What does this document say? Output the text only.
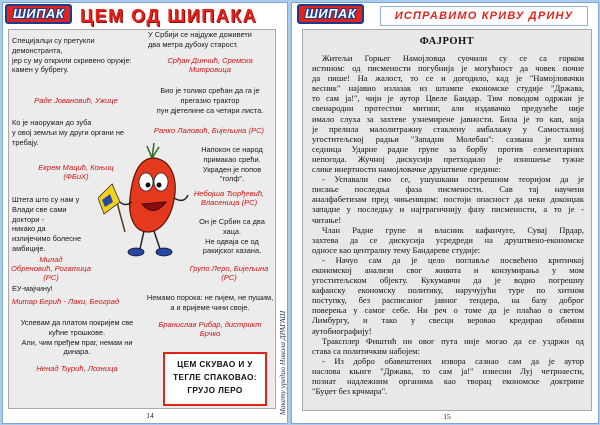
ШИПАК ЦЕМ ОД ШИПАКА
ЦЕМ СКУВАО И У
ТЕГЛЕ СПАКОВАО:
ГРУЈО ЛЕРО
14
ШИПАК	ИСПРАВИМО КРИВУ ДРИНУ
ФАЈРОНТ
Житељи Горњег Намојловца суочили су се са горком
истином: од писмености погубнија је могућност да човек почне
да пише! На жалост, то се и догодило, кад је "Намојловачки
весник" најавио излазак из штампе економске студије "Држава,
то сам ја!", чији је аутор Цвеле Бандар. Тим поводом одржан је
свенародни протестни митинг, али издавачко предузеће није
имало слуха за захтеве узнемирене јавности. Била је то кап, која
је прелила малолитражну стаклену амбалажу у Самосталној
угоститељској радњи "Западни Молебан": сазвана је хитна
седница Ударне радне групе за борбу против елементарних
непогода. Жучној дискусији претходило је изношење тужне
слике инертности намојловачке друштвене средине:
- Успавали смо се, ушушкани погрешном теоријом да је
писање последња фаза писмености. Сав тај научени
аналфабетизам пред чињеницом: постоји опасност да неки доконџак
западне у последњу и најтрагичнију фазу писмености, а то је -
читање!
Члан Радне групе и власник кафанчуге, Сувај Прдар,
захтева да се дискусија усредреди на друштвено-економске
односе као централну тему Бандареве студије:
- Начуо сам да је цело поглавље посвећено критичкој
економској анализи свог живота и конзумирања у мом
угоститељском објекту. Кукумавчи да је водио погрешну
кафанску економску политику, наручујући туре по хитном
поступку, без расписаног јавног тендера, на базу доброг
поверења у самог себе. Ни реч о томе да је плаћао о светом
Лимбургу, и тако у свесци веровао кредирао обимни
аутобиографију!
Траксплер Фиштић ни овог пута није могао да се уздржи од
става са политичким набојем:
- Из добро обавештених извора сазнао сам да је аутор
наслова књиге "Држава, то сам ја!" извесни Луј четрнаести,
познат надлежним органима као творац економске доктрине
"Буџет без крчмара".
15
Макету уредио Никола ДРАГАШ
Специјалци су претукли
демонстранта,
јер су му открили скривено оружје:
камен у бубрегу.
Раде Јовановић, Ужице
Ко је наоружан до зуба
у овој земљи му други органи не
требају.
Екрем Мацић, Коњиц
(ФБиХ)
Штета што су нам у
Влади све сами
доктори -
никако да
излијечимо болесне
амбиције.
Милад
Обреновић, Рогатица
(РС)
ЕУ-мајчину!
Митар Берић - Лаки, Београд
Успевам да платом покријем све
кућне трошкове.
Али, чим пређем праг, немам ни
динара.
Ненад Ђурић, Лозница
У Србији се најдуже доживети
два метра дубоку старост.
Срђан Динчић, Сремска
Митровица
Био је толико срећан да га је
прегазио трактор
пун дјетелине са четири листа.
Ранко Лаловић, Бијељина (РС)
Напокон се народ
примакао срећи.
Украден је попов
"голф".
Небојша Ђорђевић,
Власеница (РС)
Он је Србин са два
хаца.
Не одваја се од
ракијског казана.
Групо Леро, Бијељина
(РС)
Немамо порока: не пијем, не пушим,
а и вријеме чини своје.
Бранислав Рибар, дистрикт
Брчко
